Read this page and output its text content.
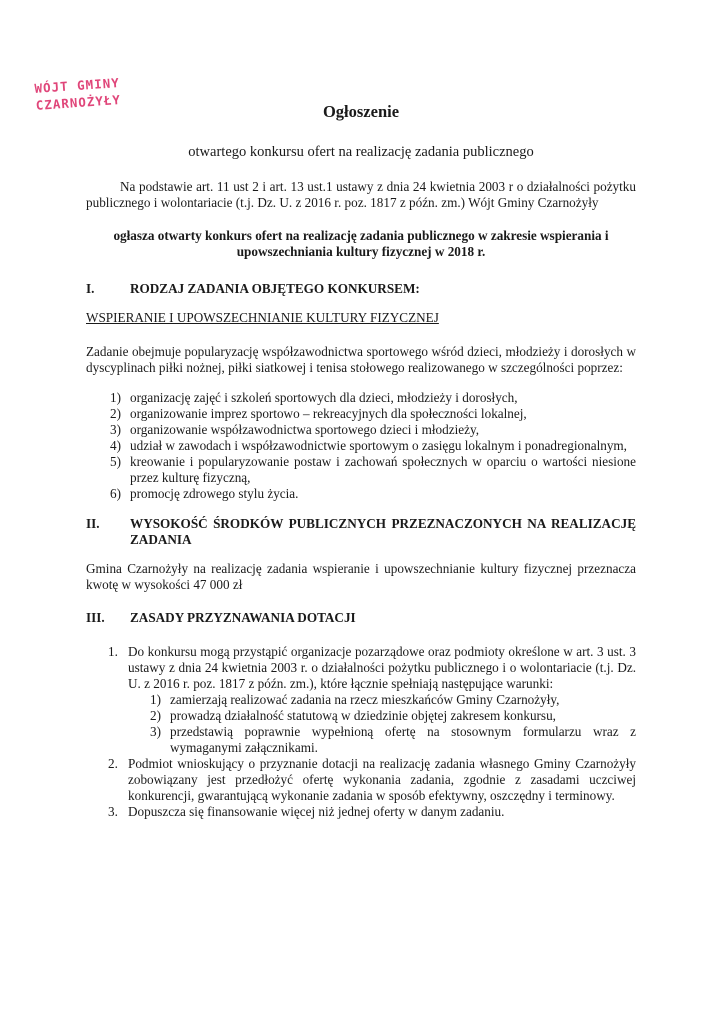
WÓJT GMINY
CZARNOŻYŁY	Ogłoszenie
otwartego konkursu ofert na realizację zadania publicznego

Na podstawie art. 11 ust 2 i art. 13 ust.1 ustawy z dnia 24 kwietnia 2003 r o działalności pożytku publicznego i wolontariacie (t.j. Dz. U. z 2016 r. poz. 1817 z późn. zm.) Wójt Gminy Czarnożyły

ogłasza otwarty konkurs ofert na realizację zadania publicznego w zakresie wspierania i upowszechniania kultury fizycznej w 2018 r.

I.	RODZAJ ZADANIA OBJĘTEGO KONKURSEM:

WSPIERANIE I UPOWSZECHNIANIE KULTURY FIZYCZNEJ

Zadanie obejmuje popularyzację współzawodnictwa sportowego wśród dzieci, młodzieży i dorosłych w dyscyplinach piłki nożnej, piłki siatkowej i tenisa stołowego realizowanego w szczególności poprzez:

1) organizację zajęć i szkoleń sportowych dla dzieci, młodzieży i dorosłych,
2) organizowanie imprez sportowo – rekreacyjnych dla społeczności lokalnej,
3) organizowanie współzawodnictwa sportowego dzieci i młodzieży,
4) udział w zawodach i współzawodnictwie sportowym o zasięgu lokalnym i ponadregionalnym,
5) kreowanie i popularyzowanie postaw i zachowań społecznych w oparciu o wartości niesione przez kulturę fizyczną,
6) promocję zdrowego stylu życia.
II.	WYSOKOŚĆ ŚRODKÓW PUBLICZNYCH PRZEZNACZONYCH NA REALIZACJĘ ZADANIA

Gmina Czarnożyły na realizację zadania wspieranie i upowszechnianie kultury fizycznej przeznacza kwotę w wysokości 47 000 zł

III.	ZASADY PRZYZNAWANIA DOTACJI
1. Do konkursu mogą przystąpić organizacje pozarządowe oraz podmioty określone w art. 3 ust. 3 ustawy z dnia 24 kwietnia 2003 r. o działalności pożytku publicznego i o wolontariacie (t.j. Dz. U. z 2016 r. poz. 1817 z późn. zm.), które łącznie spełniają następujące warunki:
1) zamierzają realizować zadania na rzecz mieszkańców Gminy Czarnożyły,
2) prowadzą działalność statutową w dziedzinie objętej zakresem konkursu,
3) przedstawią poprawnie wypełnioną ofertę na stosownym formularzu wraz z wymaganymi załącznikami.
2. Podmiot wnioskujący o przyznanie dotacji na realizację zadania własnego Gminy Czarnożyły zobowiązany jest przedłożyć ofertę wykonania zadania, zgodnie z zasadami uczciwej konkurencji, gwarantującą wykonanie zadania w sposób efektywny, oszczędny i terminowy.
3. Dopuszcza się finansowanie więcej niż jednej oferty w danym zadaniu.
